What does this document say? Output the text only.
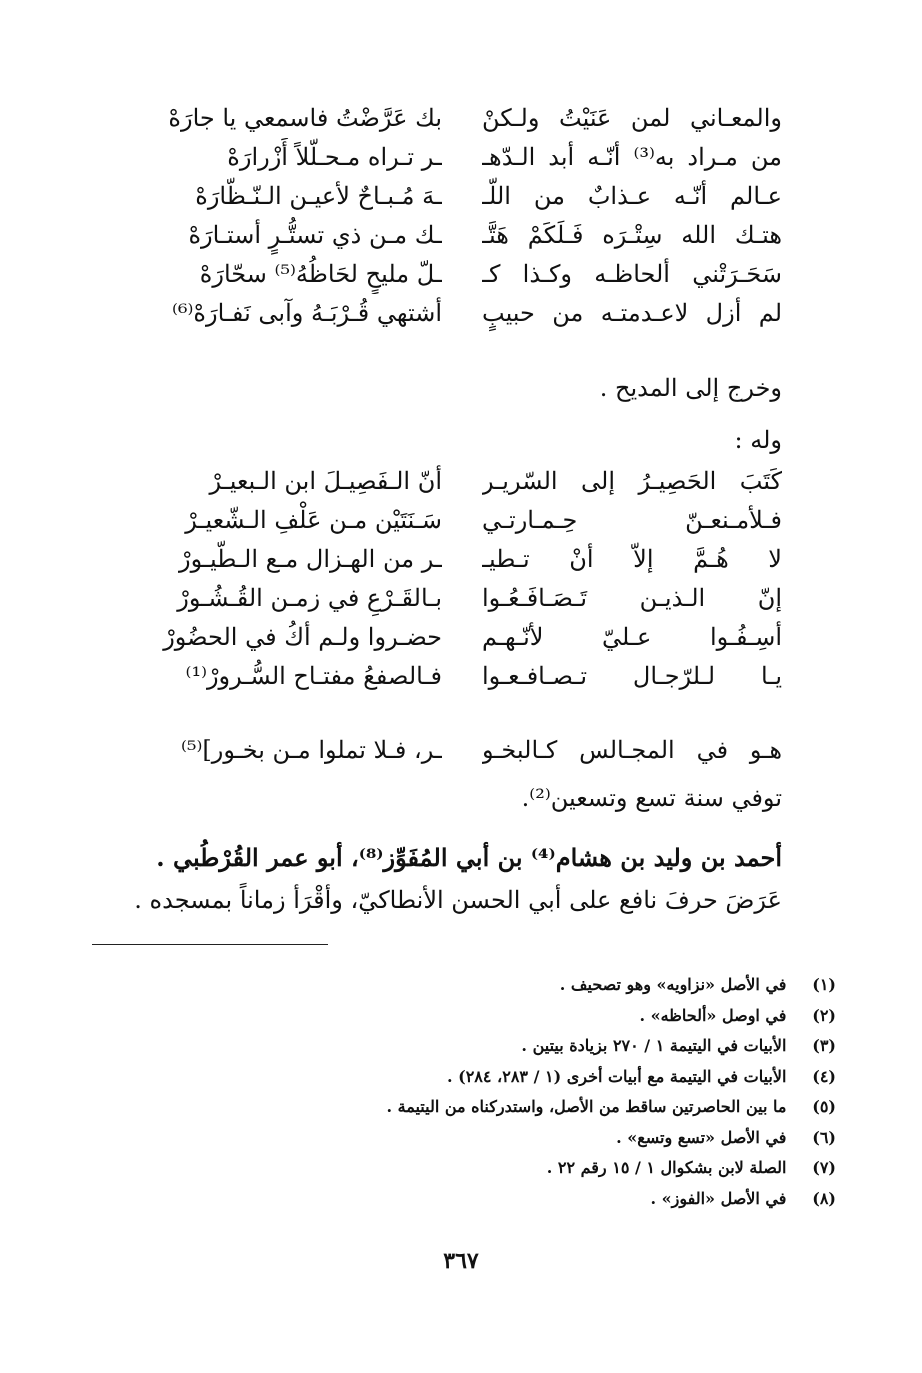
والمعـاني لمن عَنَيْتُ ولـكنْ
بك عَرَّضْتُ فاسمعي يا جارَهْ
من مـراد به⁽³⁾ أنّـه أبد الـدّهـ
ـر تـراه مـحـلّلاً أَزْرارَهْ
عـالم أنّـه عـذابٌ من اللّـ
ـهَ مُـبـاحٌ لأعيـن الـنّـظّارَهْ
هتـك الله سِتْـرَه فَـلَكَمْ هَتَّـ
ـك مـن ذي تستُّـرٍ أستـارَهْ
سَحَـرَتْني ألحاظـه وكـذا كـ
ـلّ مليحٍ لحَاظُهُ⁽⁵⁾ سحّارَهْ
لم أزل لاعـدمتـه من حبيبٍ
أشتهي قُـرْبَـهُ وآبى نَفـارَهْ⁽⁶⁾
وخرج إلى المديح .
وله :
كَتَبَ الحَصِيـرُ إلى السّريـر
أنّ الـفَصِيـلَ ابن الـبعيـرْ
فـلأمـنعـنّ حِـمـارتـي
سَـنَتَيْن مـن عَلْفِ الـشّعيـرْ
لا هُـمَّ إلاّ أنْ تـطيـ
ـر من الهـزال مـع الـطّيـورْ
إنّ الـذيـن تَـصَـافَـعُـوا
بـالقَـرْعِ في زمـن القُـشُـورْ
أسِـفُـوا عـليّ لأنّـهـم
حضـروا ولـم أكُ في الحضُورْ
يـا لـلرّجـال تـصـافـعـوا
فـالصفعُ مفتـاح السُّـرورْ⁽¹⁾
هـو في المجـالس كـالبخـو
ـر، فـلا تملوا مـن بخـور]⁽⁵⁾
توفي سنة تسع وتسعين⁽²⁾.
أحمد بن وليد بن هشام⁽⁴⁾ بن أبي المُفَوِّز⁽⁸⁾، أبو عمر القُرْطُبي .
عَرَضَ حرفَ نافع على أبي الحسن الأنطاكيّ، وأقْرَأ زماناً بمسجده .
(١) في الأصل «نزاويه» وهو تصحيف .
(٢) في اوصل «ألحاظه» .
(٣) الأبيات في اليتيمة ١ / ٢٧٠ بزيادة بيتين .
(٤) الأبيات في اليتيمة مع أبيات أخرى (١ / ٢٨٣، ٢٨٤) .
(٥) ما بين الحاصرتين ساقط من الأصل، واستدركناه من اليتيمة .
(٦) في الأصل «تسع وتسع» .
(٧) الصلة لابن بشكوال ١ / ١٥ رقم ٢٢ .
(٨) في الأصل «الفوز» .
٣٦٧
